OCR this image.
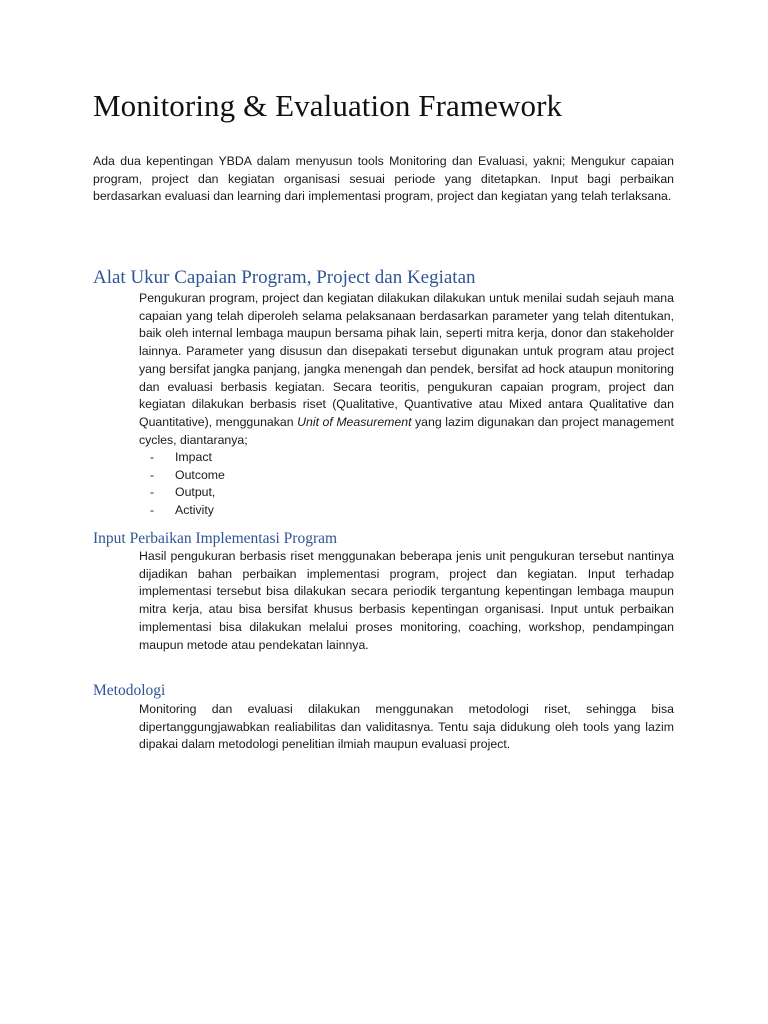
Monitoring & Evaluation Framework

Ada dua kepentingan YBDA dalam menyusun tools Monitoring dan Evaluasi, yakni; Mengukur capaian program, project dan kegiatan organisasi sesuai periode yang ditetapkan. Input bagi perbaikan berdasarkan evaluasi dan learning dari implementasi program, project dan kegiatan yang telah terlaksana.

Alat Ukur Capaian Program, Project dan Kegiatan

Pengukuran program, project dan kegiatan dilakukan dilakukan untuk menilai sudah sejauh mana capaian yang telah diperoleh selama pelaksanaan berdasarkan parameter yang telah ditentukan, baik oleh internal lembaga maupun bersama pihak lain, seperti mitra kerja, donor dan stakeholder lainnya. Parameter yang disusun dan disepakati tersebut digunakan untuk program atau project yang bersifat jangka panjang, jangka menengah dan pendek, bersifat ad hock ataupun monitoring dan evaluasi berbasis kegiatan. Secara teoritis, pengukuran capaian program, project dan kegiatan dilakukan berbasis riset (Qualitative, Quantivative atau Mixed antara Qualitative dan Quantitative), menggunakan Unit of Measurement yang lazim digunakan dan project management cycles, diantaranya;

- Impact
- Outcome
- Output,
- Activity
Input Perbaikan Implementasi Program

Hasil pengukuran berbasis riset menggunakan beberapa jenis unit pengukuran tersebut nantinya dijadikan bahan perbaikan implementasi program, project dan kegiatan. Input terhadap implementasi tersebut bisa dilakukan secara periodik tergantung kepentingan lembaga maupun mitra kerja, atau bisa bersifat khusus berbasis kepentingan organisasi. Input untuk perbaikan implementasi bisa dilakukan melalui proses monitoring, coaching, workshop, pendampingan maupun metode atau pendekatan lainnya.

Metodologi

Monitoring dan evaluasi dilakukan menggunakan metodologi riset, sehingga bisa dipertanggungjawabkan realiabilitas dan validitasnya. Tentu saja didukung oleh tools yang lazim dipakai dalam metodologi penelitian ilmiah maupun evaluasi project.
